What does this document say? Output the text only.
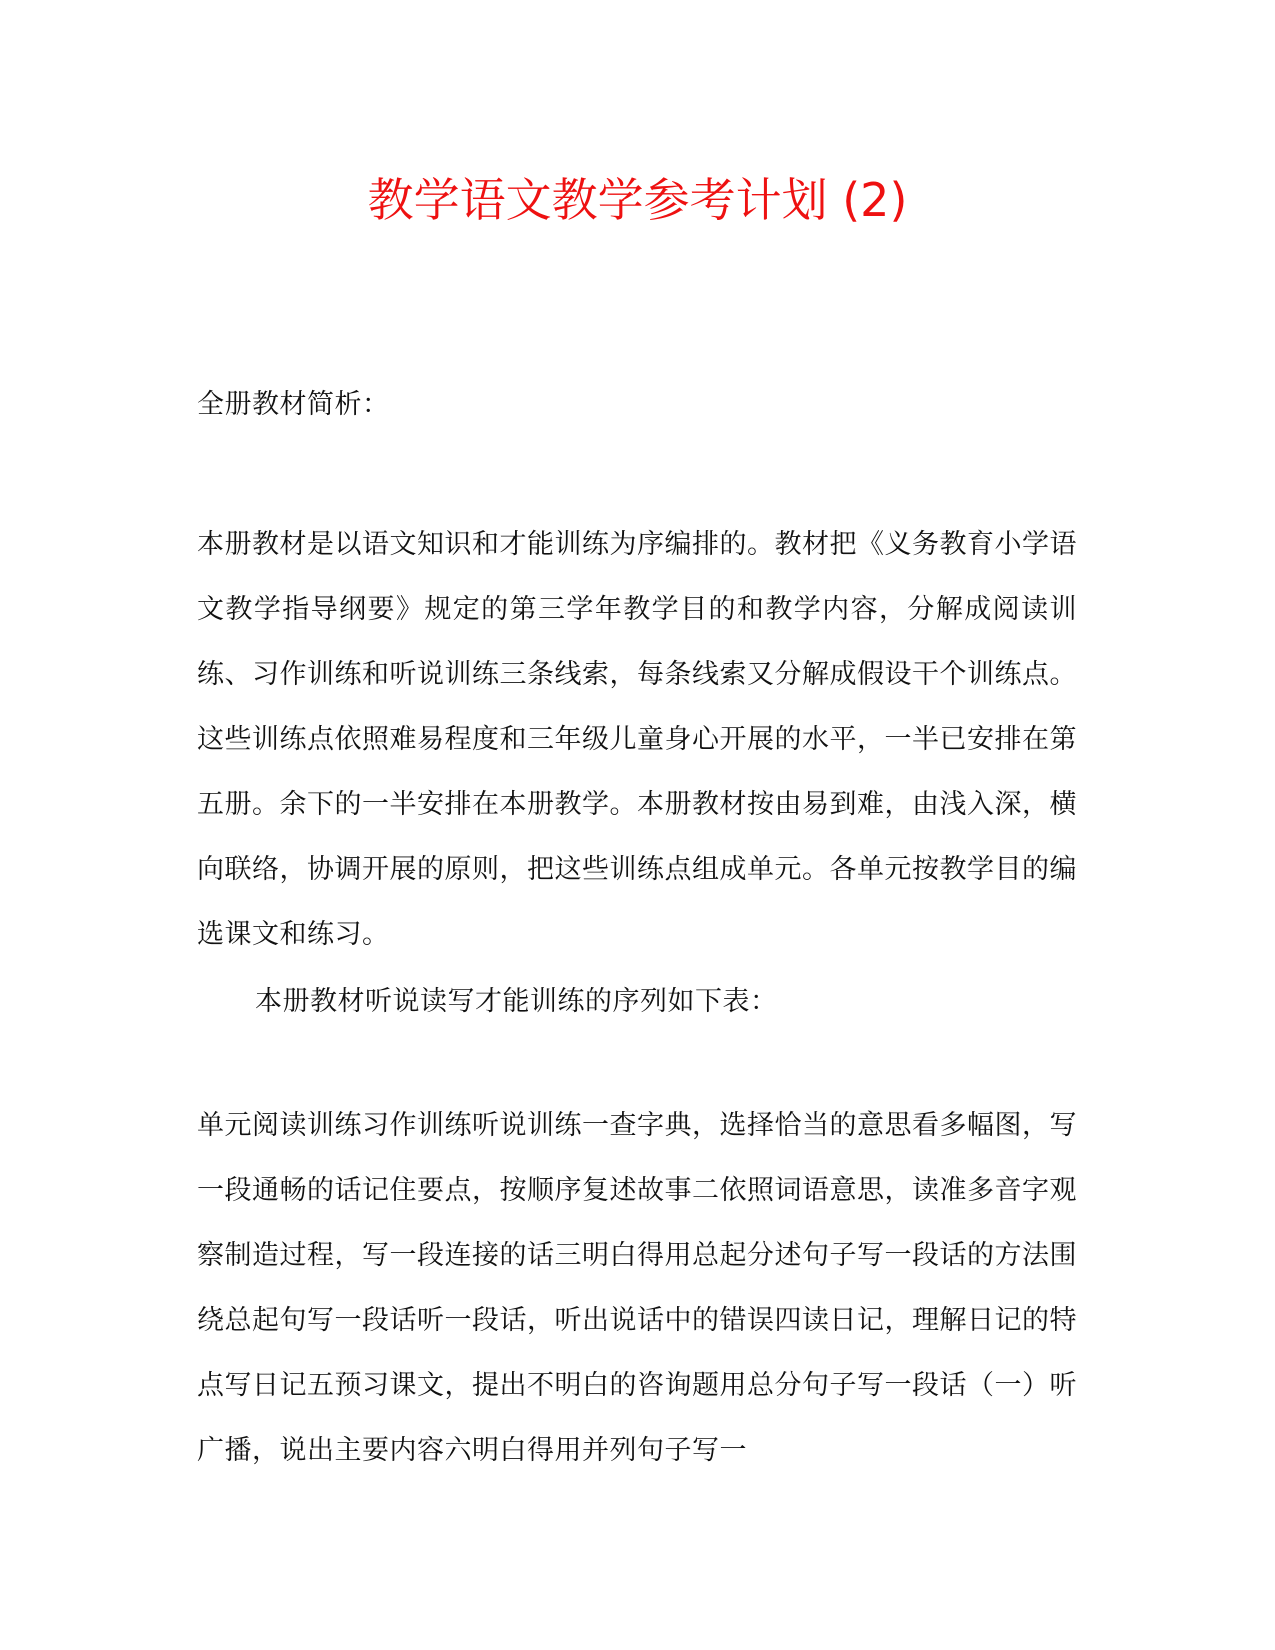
教学语文教学参考计划 (2)

全册教材简析：

本册教材是以语文知识和才能训练为序编排的。教材把《义务教育小学语文教学指导纲要》规定的第三学年教学目的和教学内容，分解成阅读训练、习作训练和听说训练三条线索，每条线索又分解成假设干个训练点。这些训练点依照难易程度和三年级儿童身心开展的水平，一半已安排在第五册。余下的一半安排在本册教学。本册教材按由易到难，由浅入深，横向联络，协调开展的原则，把这些训练点组成单元。各单元按教学目的编选课文和练习。

本册教材听说读写才能训练的序列如下表：

单元阅读训练习作训练听说训练一查字典，选择恰当的意思看多幅图，写一段通畅的话记住要点，按顺序复述故事二依照词语意思，读准多音字观察制造过程，写一段连接的话三明白得用总起分述句子写一段话的方法围绕总起句写一段话听一段话，听出说话中的错误四读日记，理解日记的特点写日记五预习课文，提出不明白的咨询题用总分句子写一段话（一）听广播，说出主要内容六明白得用并列句子写一
